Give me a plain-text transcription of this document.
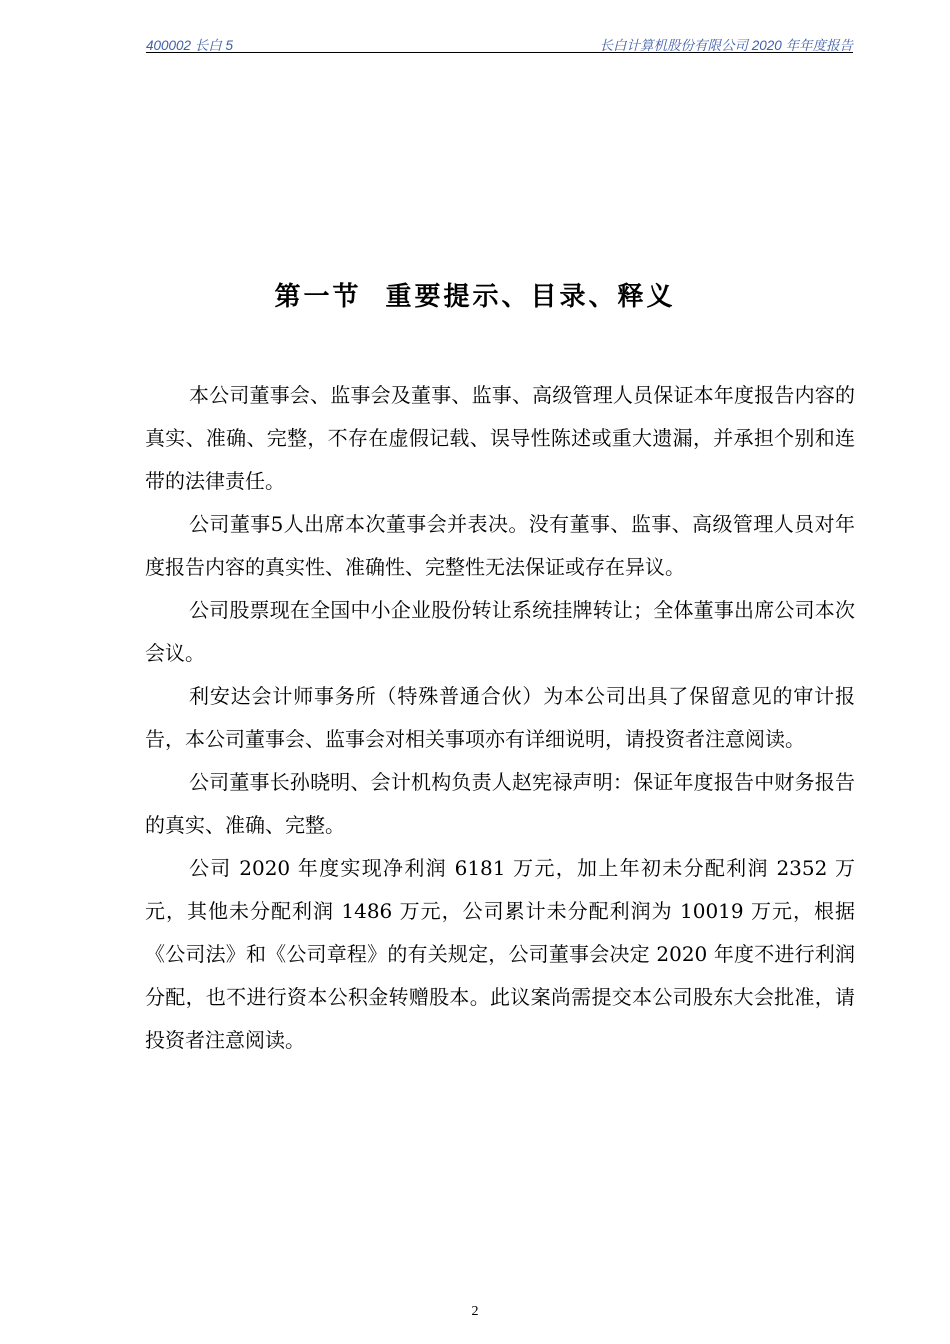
400002 长白 5	长白计算机股份有限公司 2020 年年度报告
第一节  重要提示、目录、释义

本公司董事会、监事会及董事、监事、高级管理人员保证本年度报告内容的真实、准确、完整，不存在虚假记载、误导性陈述或重大遗漏，并承担个别和连带的法律责任。

公司董事5人出席本次董事会并表决。没有董事、监事、高级管理人员对年度报告内容的真实性、准确性、完整性无法保证或存在异议。

公司股票现在全国中小企业股份转让系统挂牌转让；全体董事出席公司本次会议。

利安达会计师事务所（特殊普通合伙）为本公司出具了保留意见的审计报告，本公司董事会、监事会对相关事项亦有详细说明，请投资者注意阅读。

公司董事长孙晓明、会计机构负责人赵宪禄声明：保证年度报告中财务报告的真实、准确、完整。

公司 2020 年度实现净利润 6181 万元，加上年初未分配利润 2352 万元，其他未分配利润 1486 万元，公司累计未分配利润为 10019 万元，根据《公司法》和《公司章程》的有关规定，公司董事会决定 2020 年度不进行利润分配，也不进行资本公积金转赠股本。此议案尚需提交本公司股东大会批准，请投资者注意阅读。

2
